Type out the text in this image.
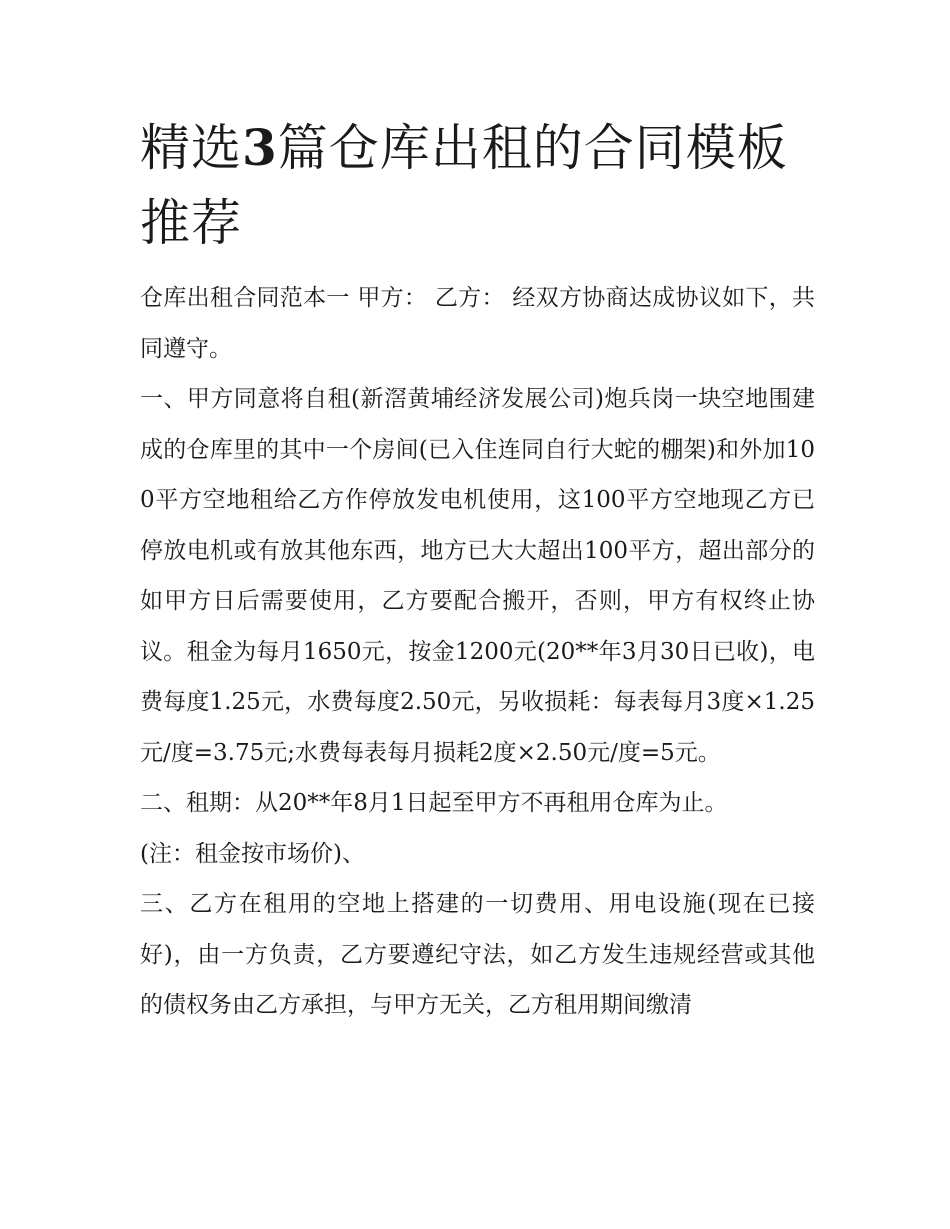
精选3篇仓库出租的合同模板推荐

仓库出租合同范本一 甲方： 乙方： 经双方协商达成协议如下，共同遵守。

一、甲方同意将自租(新滘黄埔经济发展公司)炮兵岗一块空地围建成的仓库里的其中一个房间(已入住连同自行大蛇的棚架)和外加100平方空地租给乙方作停放发电机使用，这100平方空地现乙方已停放电机或有放其他东西，地方已大大超出100平方，超出部分的如甲方日后需要使用，乙方要配合搬开，否则，甲方有权终止协议。租金为每月1650元，按金1200元(20**年3月30日已收)，电费每度1.25元，水费每度2.50元，另收损耗：每表每月3度×1.25元/度=3.75元;水费每表每月损耗2度×2.50元/度=5元。

二、租期：从20**年8月1日起至甲方不再租用仓库为止。

(注：租金按市场价)、

三、乙方在租用的空地上搭建的一切费用、用电设施(现在已接好)，由一方负责，乙方要遵纪守法，如乙方发生违规经营或其他的债权务由乙方承担，与甲方无关，乙方租用期间缴清
